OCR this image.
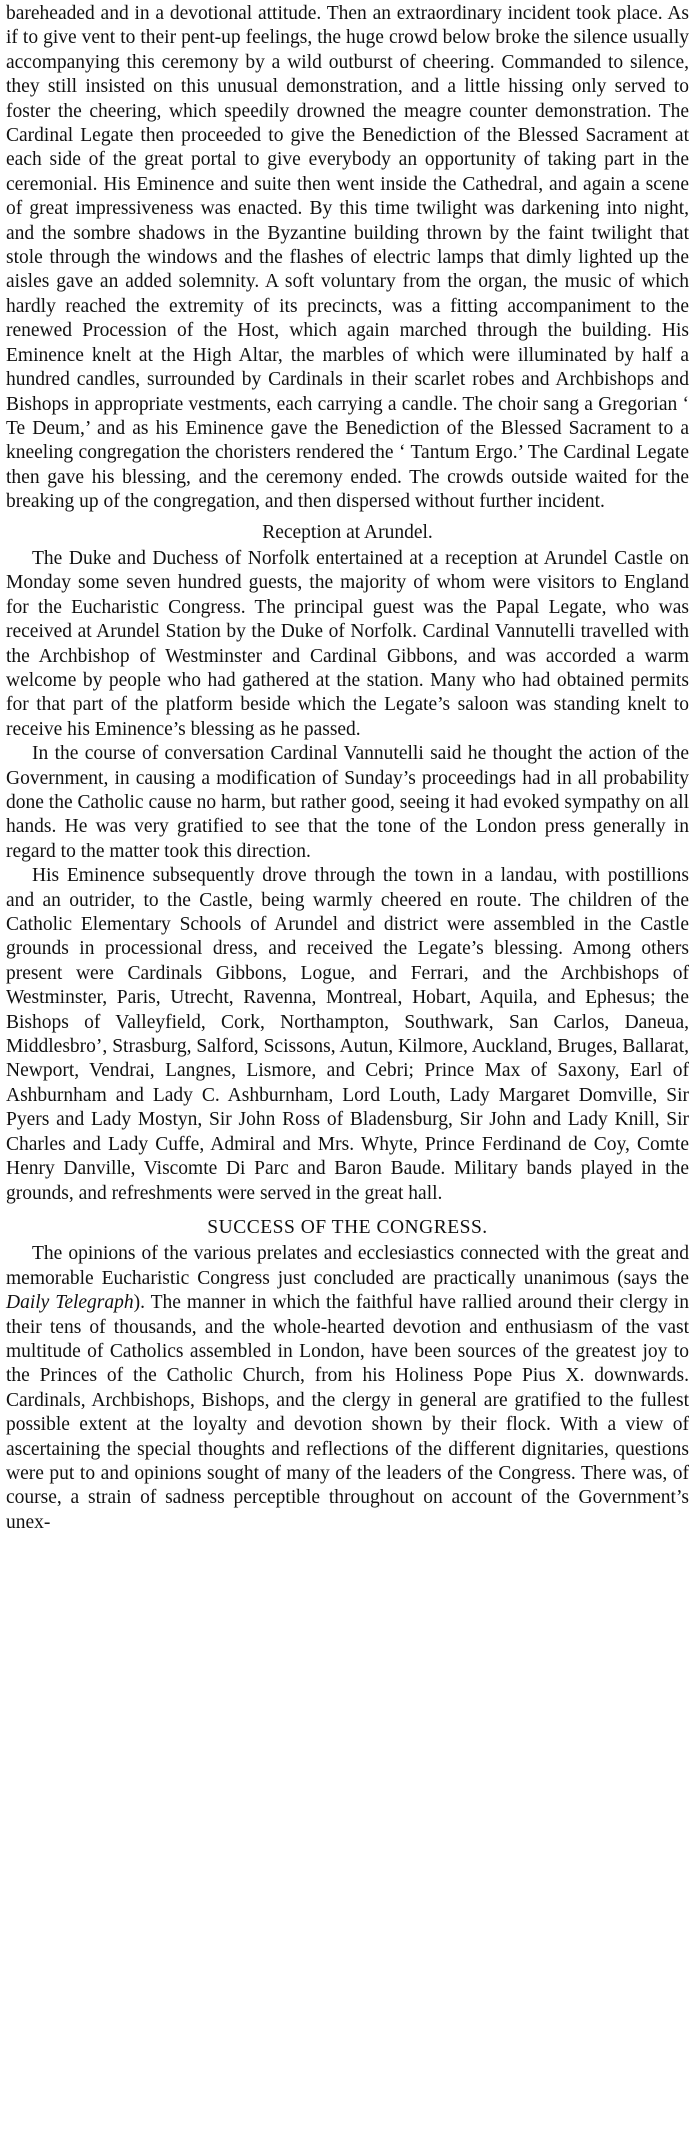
bareheaded and in a devotional attitude. Then an extraordinary incident took place. As if to give vent to their pent-up feelings, the huge crowd below broke the silence usually accompanying this ceremony by a wild outburst of cheering. Commanded to silence, they still insisted on this unusual demonstration, and a little hissing only served to foster the cheering, which speedily drowned the meagre counter demonstration. The Cardinal Legate then proceeded to give the Benediction of the Blessed Sacrament at each side of the great portal to give everybody an opportunity of taking part in the ceremonial. His Eminence and suite then went inside the Cathedral, and again a scene of great impressiveness was enacted. By this time twilight was darkening into night, and the sombre shadows in the Byzantine building thrown by the faint twilight that stole through the windows and the flashes of electric lamps that dimly lighted up the aisles gave an added solemnity. A soft voluntary from the organ, the music of which hardly reached the extremity of its precincts, was a fitting accompaniment to the renewed Procession of the Host, which again marched through the building. His Eminence knelt at the High Altar, the marbles of which were illuminated by half a hundred candles, surrounded by Cardinals in their scarlet robes and Archbishops and Bishops in appropriate vestments, each carrying a candle. The choir sang a Gregorian ‘ Te Deum,’ and as his Eminence gave the Benediction of the Blessed Sacrament to a kneeling congregation the choristers rendered the ‘ Tantum Ergo.’ The Cardinal Legate then gave his blessing, and the ceremony ended. The crowds outside waited for the breaking up of the congregation, and then dispersed without further incident.

Reception at Arundel.

The Duke and Duchess of Norfolk entertained at a reception at Arundel Castle on Monday some seven hundred guests, the majority of whom were visitors to England for the Eucharistic Congress. The principal guest was the Papal Legate, who was received at Arundel Station by the Duke of Norfolk. Cardinal Vannutelli travelled with the Archbishop of Westminster and Cardinal Gibbons, and was accorded a warm welcome by people who had gathered at the station. Many who had obtained permits for that part of the platform beside which the Legate’s saloon was standing knelt to receive his Eminence’s blessing as he passed.

In the course of conversation Cardinal Vannutelli said he thought the action of the Government, in causing a modification of Sunday’s proceedings had in all probability done the Catholic cause no harm, but rather good, seeing it had evoked sympathy on all hands. He was very gratified to see that the tone of the London press generally in regard to the matter took this direction.

His Eminence subsequently drove through the town in a landau, with postillions and an outrider, to the Castle, being warmly cheered en route. The children of the Catholic Elementary Schools of Arundel and district were assembled in the Castle grounds in processional dress, and received the Legate’s blessing. Among others present were Cardinals Gibbons, Logue, and Ferrari, and the Archbishops of Westminster, Paris, Utrecht, Ravenna, Montreal, Hobart, Aquila, and Ephesus; the Bishops of Valleyfield, Cork, Northampton, Southwark, San Carlos, Daneua, Middlesbro’, Strasburg, Salford, Scissons, Autun, Kilmore, Auckland, Bruges, Ballarat, Newport, Vendrai, Langnes, Lismore, and Cebri; Prince Max of Saxony, Earl of Ashburnham and Lady C. Ashburnham, Lord Louth, Lady Margaret Domville, Sir Pyers and Lady Mostyn, Sir John Ross of Bladensburg, Sir John and Lady Knill, Sir Charles and Lady Cuffe, Admiral and Mrs. Whyte, Prince Ferdinand de Coy, Comte Henry Danville, Viscomte Di Parc and Baron Baude. Military bands played in the grounds, and refreshments were served in the great hall.

SUCCESS OF THE CONGRESS.

The opinions of the various prelates and ecclesiastics connected with the great and memorable Eucharistic Congress just concluded are practically unanimous (says the Daily Telegraph). The manner in which the faithful have rallied around their clergy in their tens of thousands, and the whole-hearted devotion and enthusiasm of the vast multitude of Catholics assembled in London, have been sources of the greatest joy to the Princes of the Catholic Church, from his Holiness Pope Pius X. downwards. Cardinals, Archbishops, Bishops, and the clergy in general are gratified to the fullest possible extent at the loyalty and devotion shown by their flock. With a view of ascertaining the special thoughts and reflections of the different dignitaries, questions were put to and opinions sought of many of the leaders of the Congress. There was, of course, a strain of sadness perceptible throughout on account of the Government’s unex-
